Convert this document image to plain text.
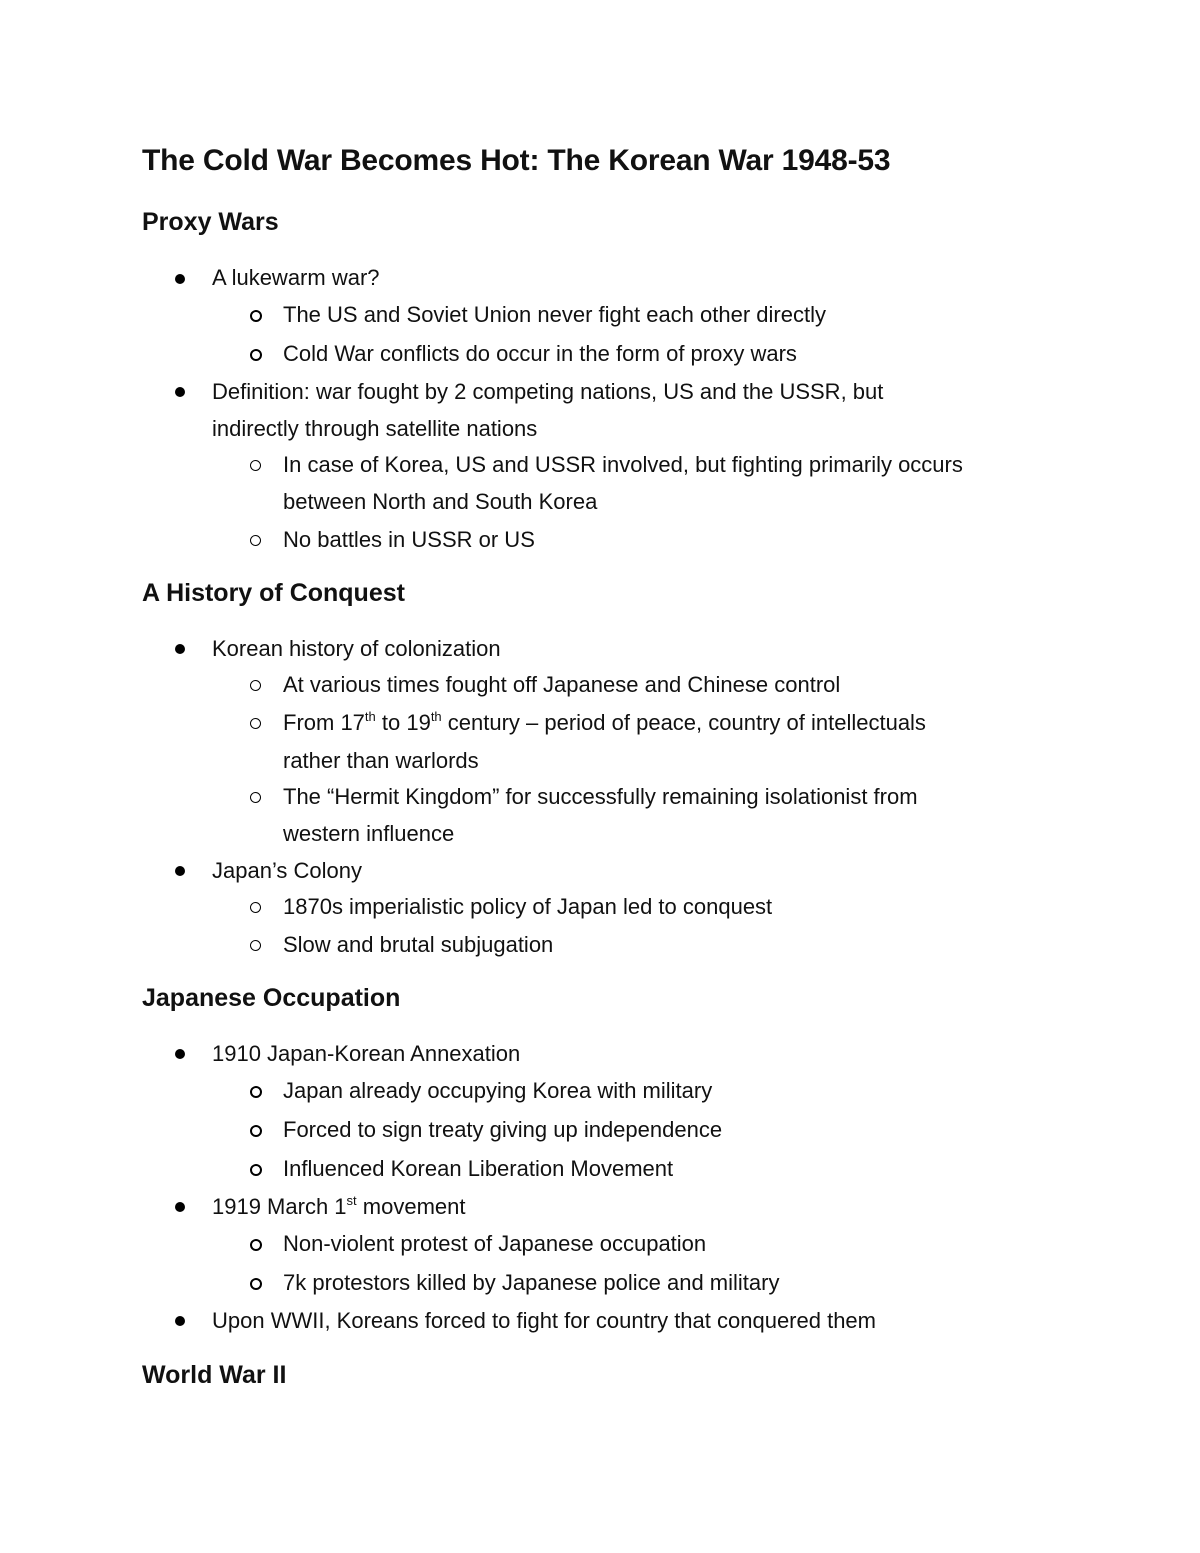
The Cold War Becomes Hot: The Korean War 1948-53
Proxy Wars
A lukewarm war?
The US and Soviet Union never fight each other directly
Cold War conflicts do occur in the form of proxy wars
Definition: war fought by 2 competing nations, US and the USSR, but
indirectly through satellite nations
In case of Korea, US and USSR involved, but fighting primarily occurs
between North and South Korea
No battles in USSR or US
A History of Conquest
Korean history of colonization
At various times fought off Japanese and Chinese control
From 17th to 19th century – period of peace, country of intellectuals
rather than warlords
The “Hermit Kingdom” for successfully remaining isolationist from
western influence
Japan’s Colony
1870s imperialistic policy of Japan led to conquest
Slow and brutal subjugation
Japanese Occupation
1910 Japan-Korean Annexation
Japan already occupying Korea with military
Forced to sign treaty giving up independence
Influenced Korean Liberation Movement
1919 March 1st movement
Non-violent protest of Japanese occupation
7k protestors killed by Japanese police and military
Upon WWII, Koreans forced to fight for country that conquered them
World War II
